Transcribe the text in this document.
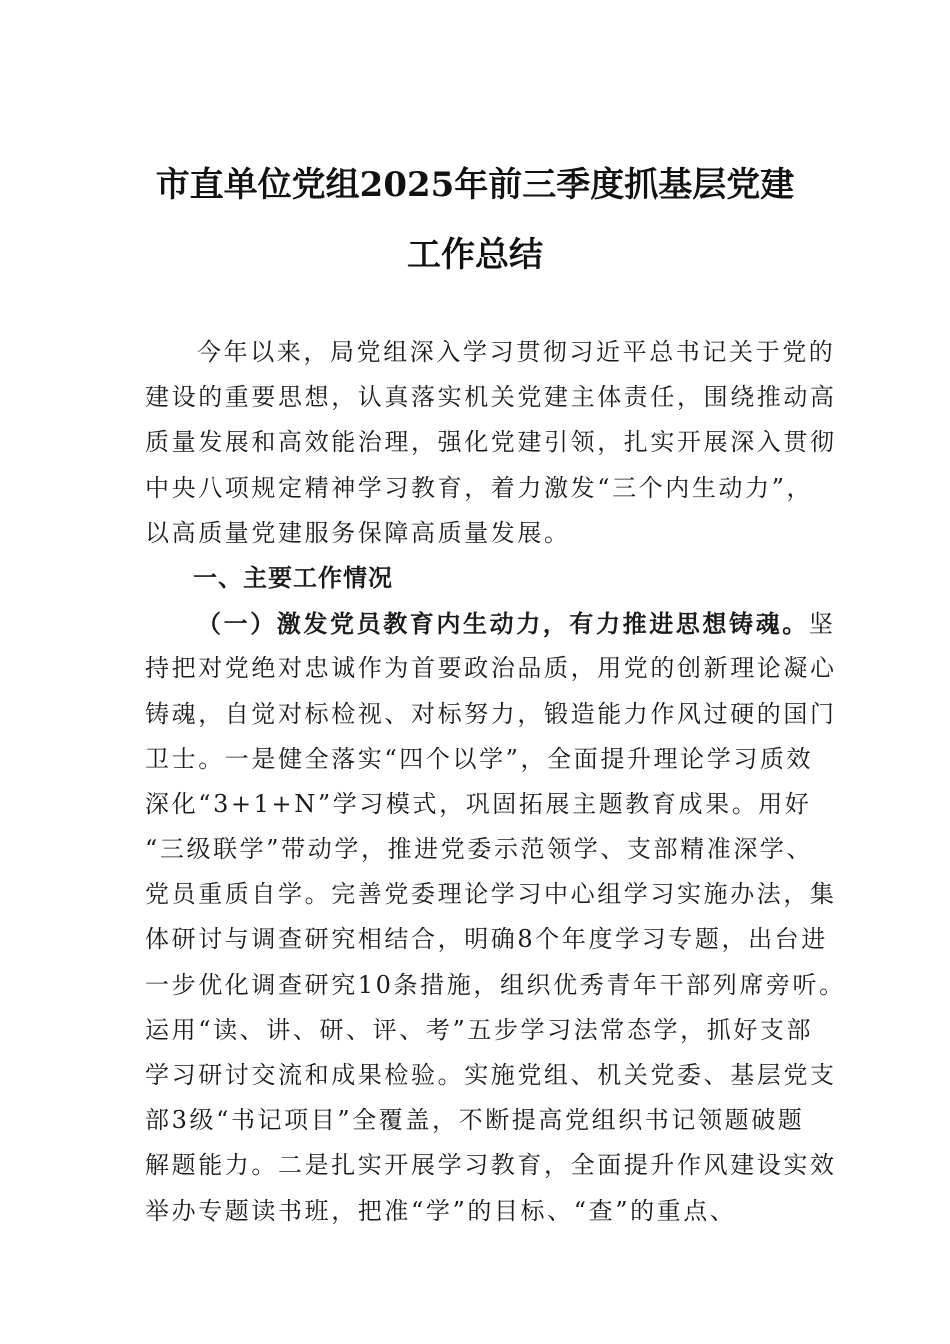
市直单位党组2025年前三季度抓基层党建
工作总结
今年以来，局党组深入学习贯彻习近平总书记关于党的
建设的重要思想，认真落实机关党建主体责任，围绕推动高
质量发展和高效能治理，强化党建引领，扎实开展深入贯彻
中央八项规定精神学习教育，着力激发“三个内生动力”，
以高质量党建服务保障高质量发展。
一、主要工作情况
（一）激发党员教育内生动力，有力推进思想铸魂。坚
持把对党绝对忠诚作为首要政治品质，用党的创新理论凝心
铸魂，自觉对标检视、对标努力，锻造能力作风过硬的国门
卫士。一是健全落实“四个以学”，全面提升理论学习质效
深化“3+1+N”学习模式，巩固拓展主题教育成果。用好
“三级联学”带动学，推进党委示范领学、支部精准深学、
党员重质自学。完善党委理论学习中心组学习实施办法，集
体研讨与调查研究相结合，明确8个年度学习专题，出台进
一步优化调查研究10条措施，组织优秀青年干部列席旁听。
运用“读、讲、研、评、考”五步学习法常态学，抓好支部
学习研讨交流和成果检验。实施党组、机关党委、基层党支
部3级“书记项目”全覆盖，不断提高党组织书记领题破题
解题能力。二是扎实开展学习教育，全面提升作风建设实效
举办专题读书班，把准“学”的目标、“查”的重点、
